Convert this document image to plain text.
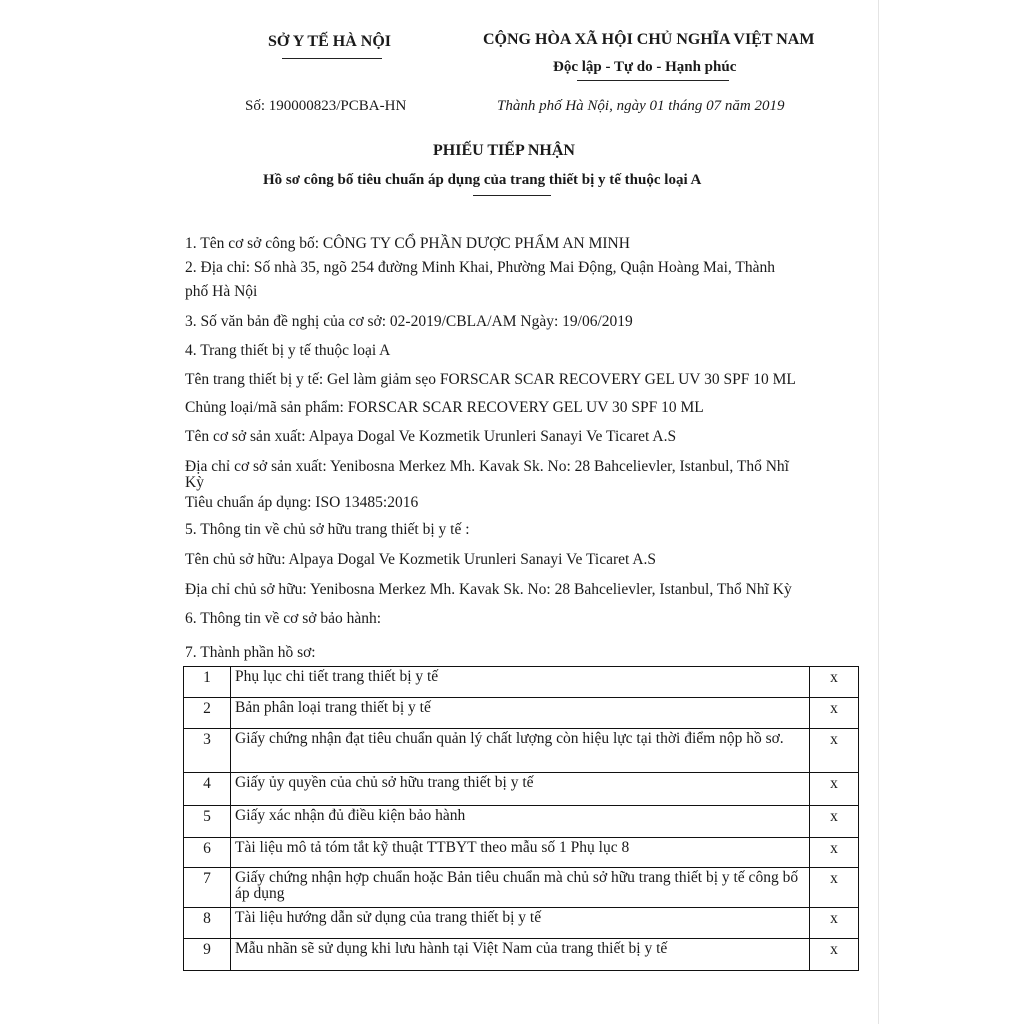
SỞ Y TẾ HÀ NỘI	CỘNG HÒA XÃ HỘI CHỦ NGHĨA VIỆT NAM
Độc lập - Tự do - Hạnh phúc
Số: 190000823/PCBA-HN	Thành phố Hà Nội, ngày 01 tháng 07 năm 2019
PHIẾU TIẾP NHẬN
Hồ sơ công bố tiêu chuẩn áp dụng của trang thiết bị y tế thuộc loại A
1. Tên cơ sở công bố: CÔNG TY CỔ PHẦN DƯỢC PHẨM AN MINH
2. Địa chỉ: Số nhà 35, ngõ 254 đường Minh Khai, Phường Mai Động, Quận Hoàng Mai, Thành
phố Hà Nội
3. Số văn bản đề nghị của cơ sở: 02-2019/CBLA/AM Ngày: 19/06/2019
4. Trang thiết bị y tế thuộc loại A
Tên trang thiết bị y tế: Gel làm giảm sẹo FORSCAR SCAR RECOVERY GEL UV 30 SPF 10 ML
Chủng loại/mã sản phẩm: FORSCAR SCAR RECOVERY GEL UV 30 SPF 10 ML
Tên cơ sở sản xuất: Alpaya Dogal Ve Kozmetik Urunleri Sanayi Ve Ticaret A.S
Địa chỉ cơ sở sản xuất: Yenibosna Merkez Mh. Kavak Sk. No: 28 Bahcelievler, Istanbul, Thổ Nhĩ
Kỳ
Tiêu chuẩn áp dụng: ISO 13485:2016
5. Thông tin về chủ sở hữu trang thiết bị y tế :
Tên chủ sở hữu: Alpaya Dogal Ve Kozmetik Urunleri Sanayi Ve Ticaret A.S
Địa chỉ chủ sở hữu: Yenibosna Merkez Mh. Kavak Sk. No: 28 Bahcelievler, Istanbul, Thổ Nhĩ Kỳ
6. Thông tin về cơ sở bảo hành:
7. Thành phần hồ sơ:
1	Phụ lục chi tiết trang thiết bị y tế	x
2	Bản phân loại trang thiết bị y tế	x
3	Giấy chứng nhận đạt tiêu chuẩn quản lý chất lượng còn hiệu lực tại thời điểm nộp hồ sơ.	x
4	Giấy ủy quyền của chủ sở hữu trang thiết bị y tế	x
5	Giấy xác nhận đủ điều kiện bảo hành	x
6	Tài liệu mô tả tóm tắt kỹ thuật TTBYT theo mẫu số 1 Phụ lục 8	x
7	Giấy chứng nhận hợp chuẩn hoặc Bản tiêu chuẩn mà chủ sở hữu trang thiết bị y tế công bố áp dụng	x
8	Tài liệu hướng dẫn sử dụng của trang thiết bị y tế	x
9	Mẫu nhãn sẽ sử dụng khi lưu hành tại Việt Nam của trang thiết bị y tế	x
